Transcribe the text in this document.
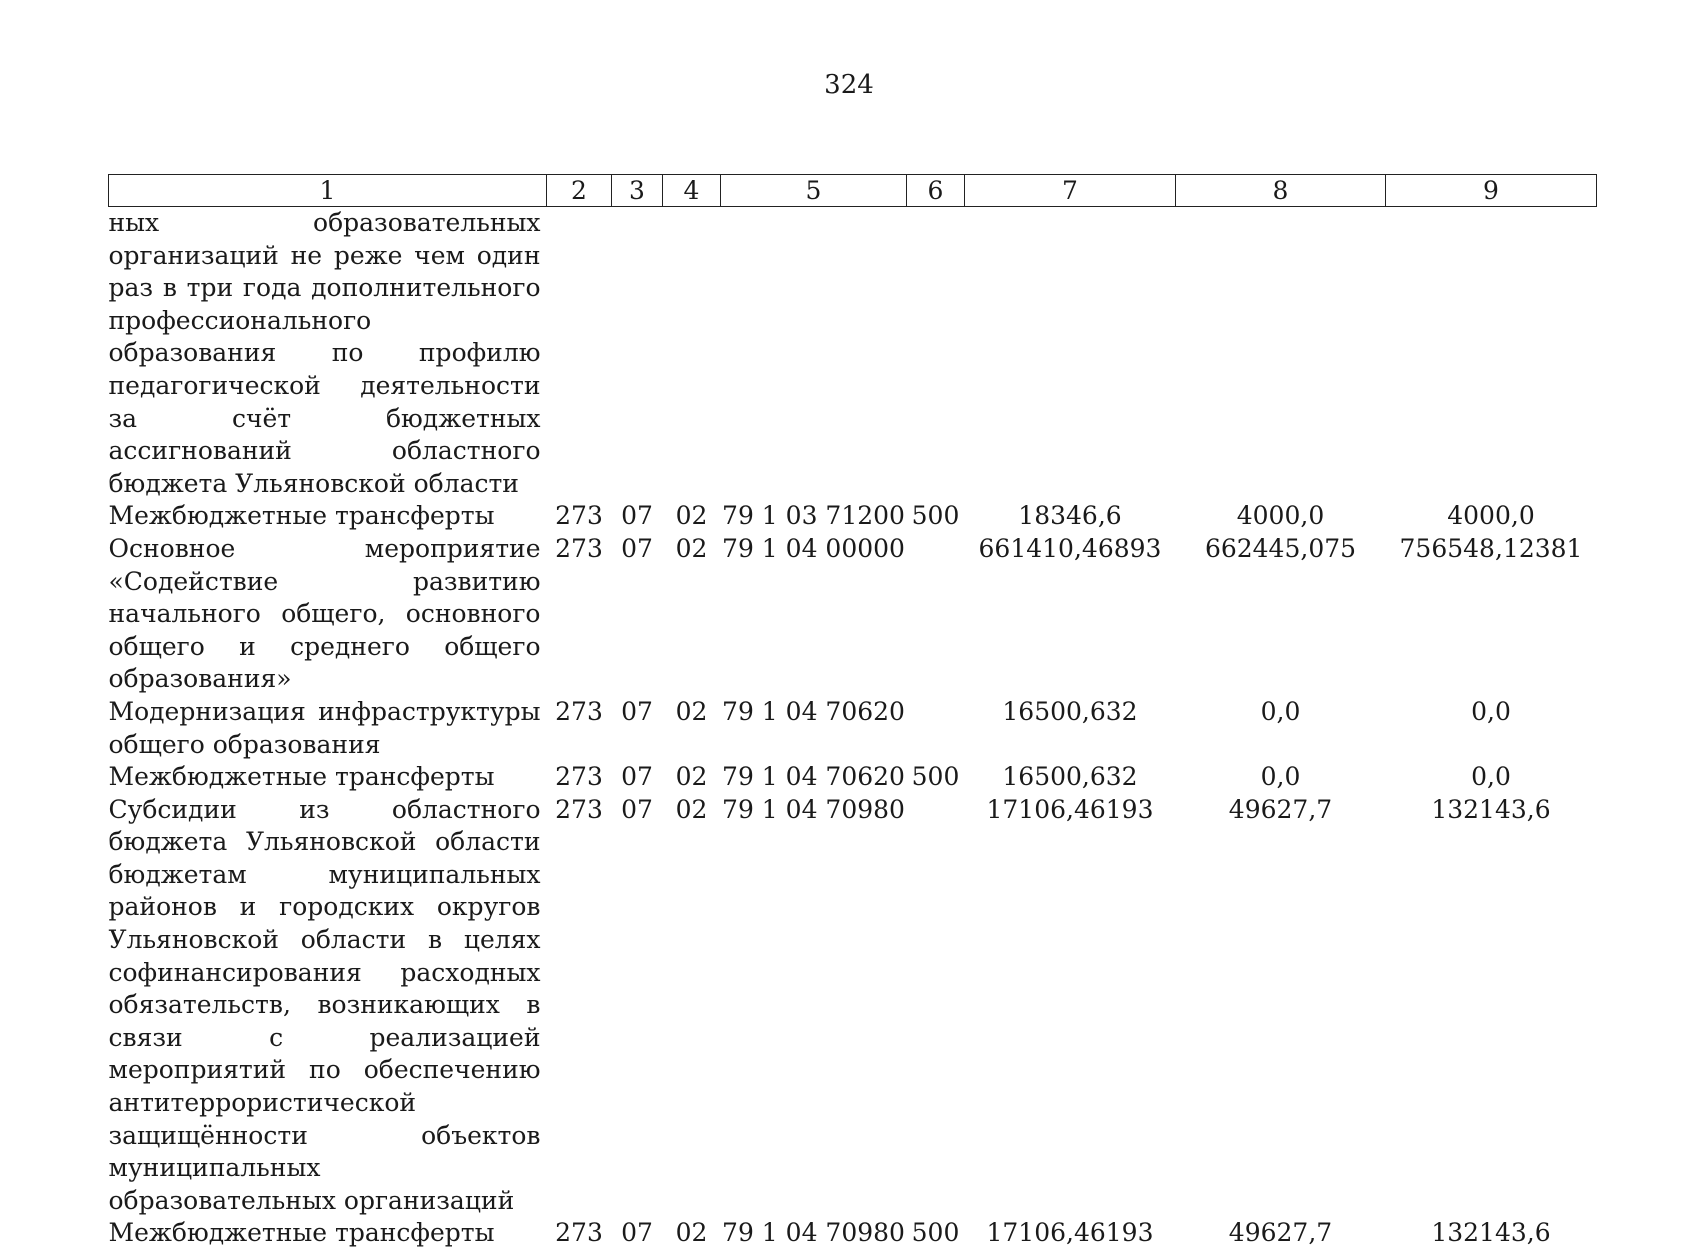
324
1	2	3	4	5	6	7	8	9
ных образовательных организаций не реже чем один раз в три года дополнительного профессионального образования по профилю педагогической деятельности за счёт бюджетных ассигнований областного бюджета Ульяновской области								
Межбюджетные трансферты	273	07	02	79 1 03 71200	500	18346,6	4000,0	4000,0
Основное мероприятие «Содействие развитию начального общего, основного общего и среднего общего образования»	273	07	02	79 1 04 00000		661410,46893	662445,075	756548,12381
Модернизация инфраструктуры общего образования	273	07	02	79 1 04 70620		16500,632	0,0	0,0
Межбюджетные трансферты	273	07	02	79 1 04 70620	500	16500,632	0,0	0,0
Субсидии из областного бюджета Ульяновской области бюджетам муниципальных районов и городских округов Ульяновской области в целях софинансирования расходных обязательств, возникающих в связи с реализацией мероприятий по обеспечению антитеррористической защищённости объектов муниципальных образовательных организаций	273	07	02	79 1 04 70980		17106,46193	49627,7	132143,6
Межбюджетные трансферты	273	07	02	79 1 04 70980	500	17106,46193	49627,7	132143,6
